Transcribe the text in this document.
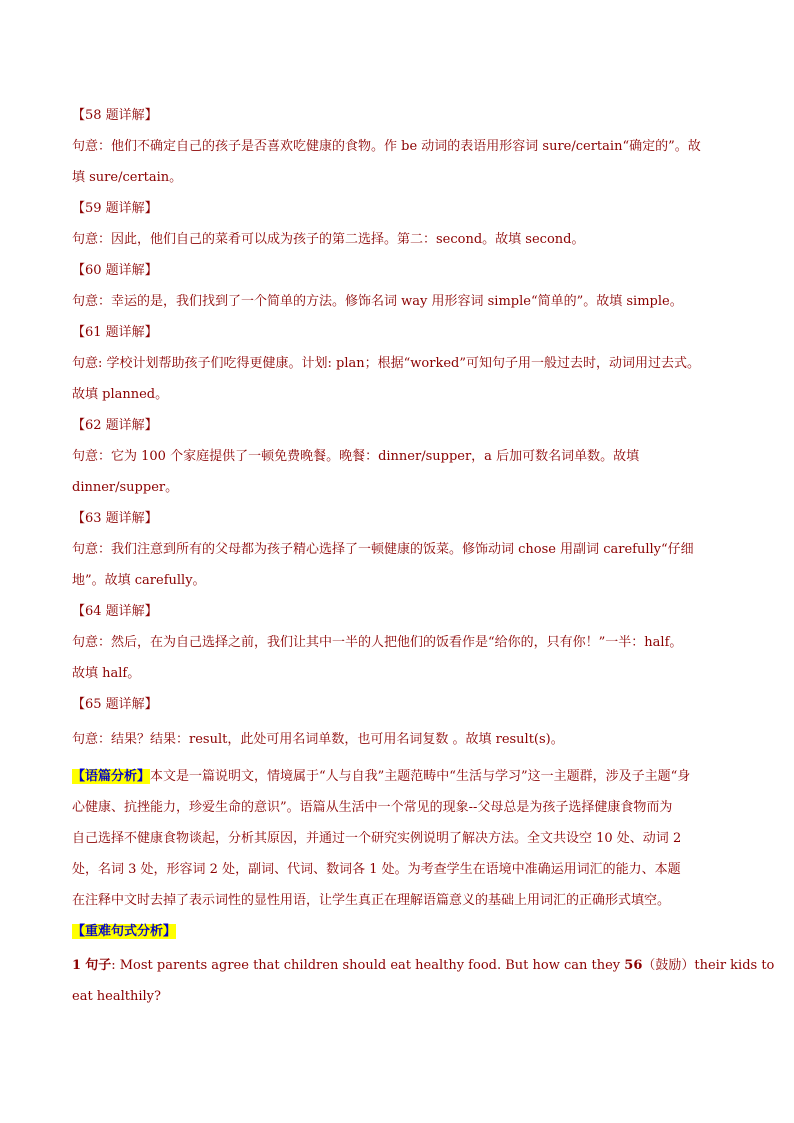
【58 题详解】
句意：他们不确定自己的孩子是否喜欢吃健康的食物。作 be 动词的表语用形容词 sure/certain“确定的”。故
填 sure/certain。
【59 题详解】
句意：因此，他们自己的菜肴可以成为孩子的第二选择。第二：second。故填 second。
【60 题详解】
句意：幸运的是，我们找到了一个简单的方法。修饰名词 way 用形容词 simple“简单的”。故填 simple。
【61 题详解】
句意: 学校计划帮助孩子们吃得更健康。计划: plan；根据“worked”可知句子用一般过去时，动词用过去式。
故填 planned。
【62 题详解】
句意：它为 100 个家庭提供了一顿免费晚餐。晚餐：dinner/supper，a 后加可数名词单数。故填
dinner/supper。
【63 题详解】
句意：我们注意到所有的父母都为孩子精心选择了一顿健康的饭菜。修饰动词 chose 用副词 carefully“仔细
地”。故填 carefully。
【64 题详解】
句意：然后，在为自己选择之前，我们让其中一半的人把他们的饭看作是“给你的，只有你！”一半：half。
故填 half。
【65 题详解】
句意：结果？结果：result，此处可用名词单数，也可用名词复数 。故填 result(s)。
【语篇分析】本文是一篇说明文，情境属于“人与自我”主题范畴中“生活与学习”这一主题群，涉及子主题“身
心健康、抗挫能力，珍爱生命的意识”。语篇从生活中一个常见的现象--父母总是为孩子选择健康食物而为
自己选择不健康食物谈起，分析其原因，并通过一个研究实例说明了解决方法。全文共设空 10 处、动词 2
处，名词 3 处，形容词 2 处，副词、代词、数词各 1 处。为考查学生在语境中准确运用词汇的能力、本题
在注释中文时去掉了表示词性的显性用语，让学生真正在理解语篇意义的基础上用词汇的正确形式填空。
【重难句式分析】
1 句子: Most parents agree that children should eat healthy food. But how can they 56（鼓励）their kids to
eat healthily?
